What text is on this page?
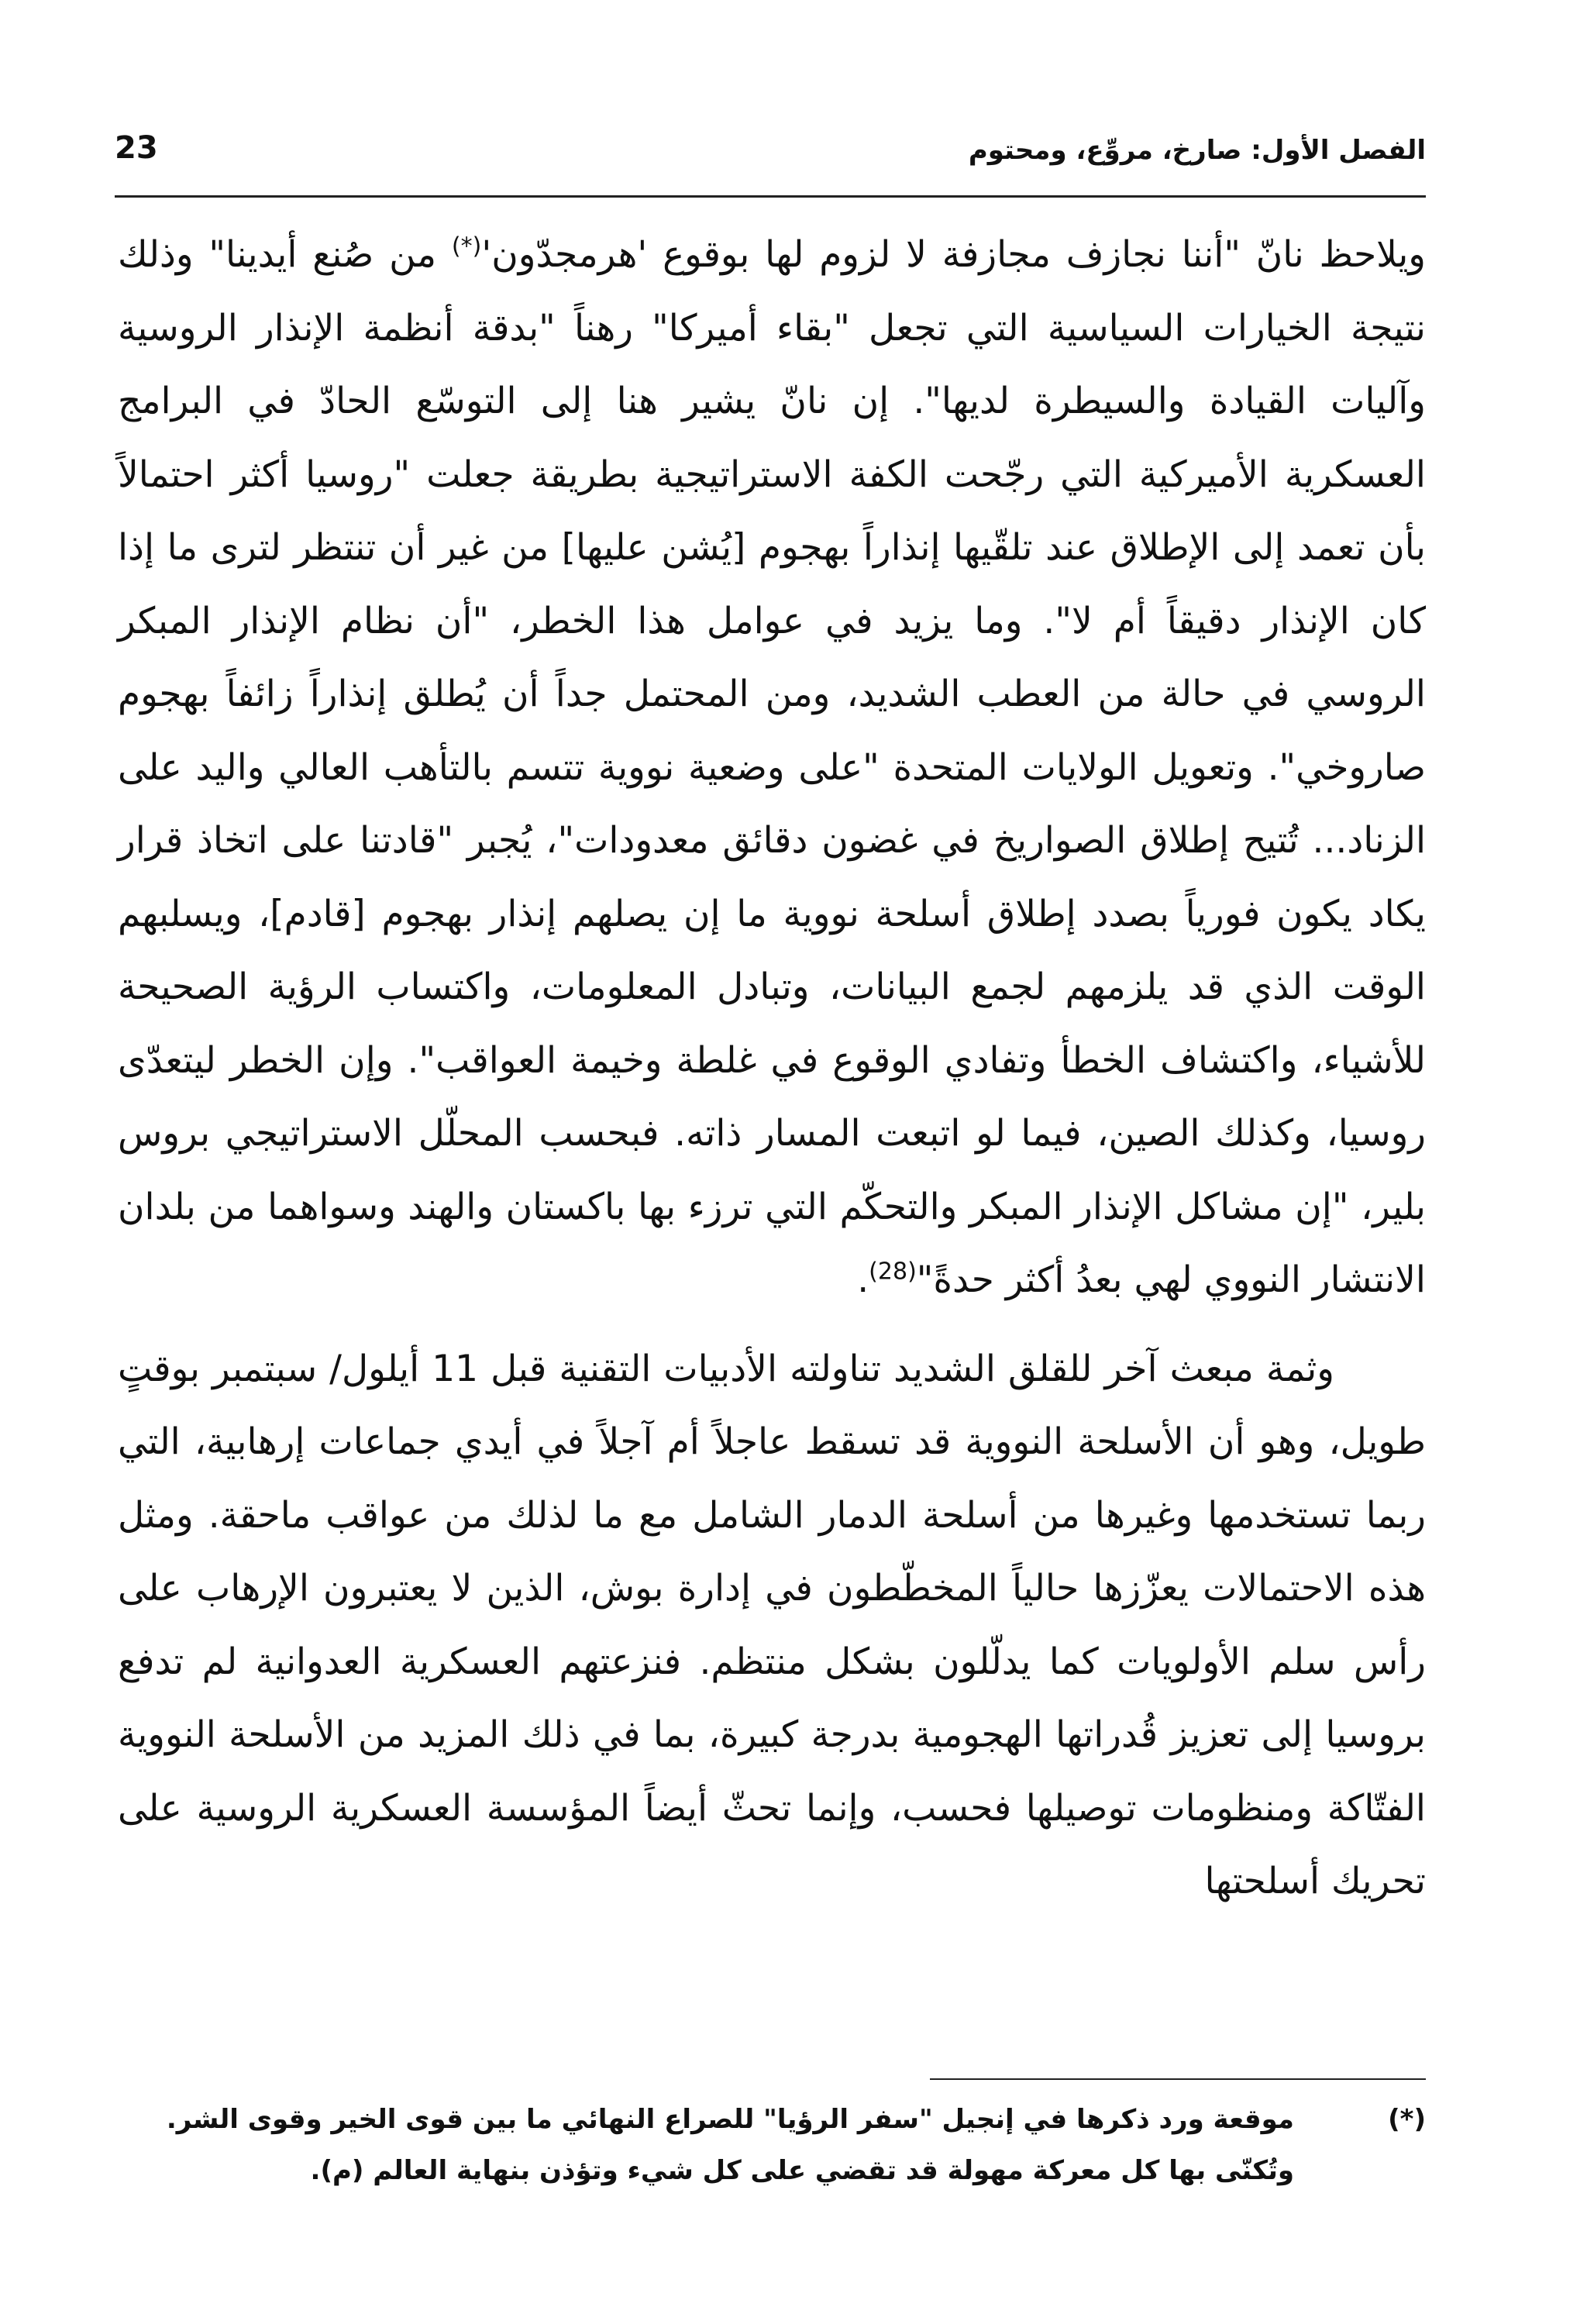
الفصل الأول: صارخ، مروِّع، ومحتوم
23

ويلاحظ نانّ "أننا نجازف مجازفة لا لزوم لها بوقوع 'هرمجدّون'(*) من صُنع أيدينا" وذلك نتيجة الخيارات السياسية التي تجعل "بقاء أميركا" رهناً "بدقة أنظمة الإنذار الروسية وآليات القيادة والسيطرة لديها". إن نانّ يشير هنا إلى التوسّع الحادّ في البرامج العسكرية الأميركية التي رجّحت الكفة الاستراتيجية بطريقة جعلت "روسيا أكثر احتمالاً بأن تعمد إلى الإطلاق عند تلقّيها إنذاراً بهجوم [يُشن عليها] من غير أن تنتظر لترى ما إذا كان الإنذار دقيقاً أم لا". وما يزيد في عوامل هذا الخطر، "أن نظام الإنذار المبكر الروسي في حالة من العطب الشديد، ومن المحتمل جداً أن يُطلق إنذاراً زائفاً بهجوم صاروخي". وتعويل الولايات المتحدة "على وضعية نووية تتسم بالتأهب العالي واليد على الزناد... تُتيح إطلاق الصواريخ في غضون دقائق معدودات"، يُجبر "قادتنا على اتخاذ قرار يكاد يكون فورياً بصدد إطلاق أسلحة نووية ما إن يصلهم إنذار بهجوم [قادم]، ويسلبهم الوقت الذي قد يلزمهم لجمع البيانات، وتبادل المعلومات، واكتساب الرؤية الصحيحة للأشياء، واكتشاف الخطأ وتفادي الوقوع في غلطة وخيمة العواقب". وإن الخطر ليتعدّى روسيا، وكذلك الصين، فيما لو اتبعت المسار ذاته. فبحسب المحلّل الاستراتيجي بروس بلير، "إن مشاكل الإنذار المبكر والتحكّم التي ترزء بها باكستان والهند وسواهما من بلدان الانتشار النووي لهي بعدُ أكثر حدةً"$^{(28)}$.

وثمة مبعث آخر للقلق الشديد تناولته الأدبيات التقنية قبل 11 أيلول/ سبتمبر بوقتٍ طويل، وهو أن الأسلحة النووية قد تسقط عاجلاً أم آجلاً في أيدي جماعات إرهابية، التي ربما تستخدمها وغيرها من أسلحة الدمار الشامل مع ما لذلك من عواقب ماحقة. ومثل هذه الاحتمالات يعزّزها حالياً المخطّطون في إدارة بوش، الذين لا يعتبرون الإرهاب على رأس سلم الأولويات كما يدلّلون بشكل منتظم. فنزعتهم العسكرية العدوانية لم تدفع بروسيا إلى تعزيز قُدراتها الهجومية بدرجة كبيرة، بما في ذلك المزيد من الأسلحة النووية الفتّاكة ومنظومات توصيلها فحسب، وإنما تحثّ أيضاً المؤسسة العسكرية الروسية على تحريك أسلحتها

(*)
موقعة ورد ذكرها في إنجيل "سفر الرؤيا" للصراع النهائي ما بين قوى الخير وقوى الشر. وتُكنّى بها كل معركة مهولة قد تقضي على كل شيء وتؤذن بنهاية العالم (م).
